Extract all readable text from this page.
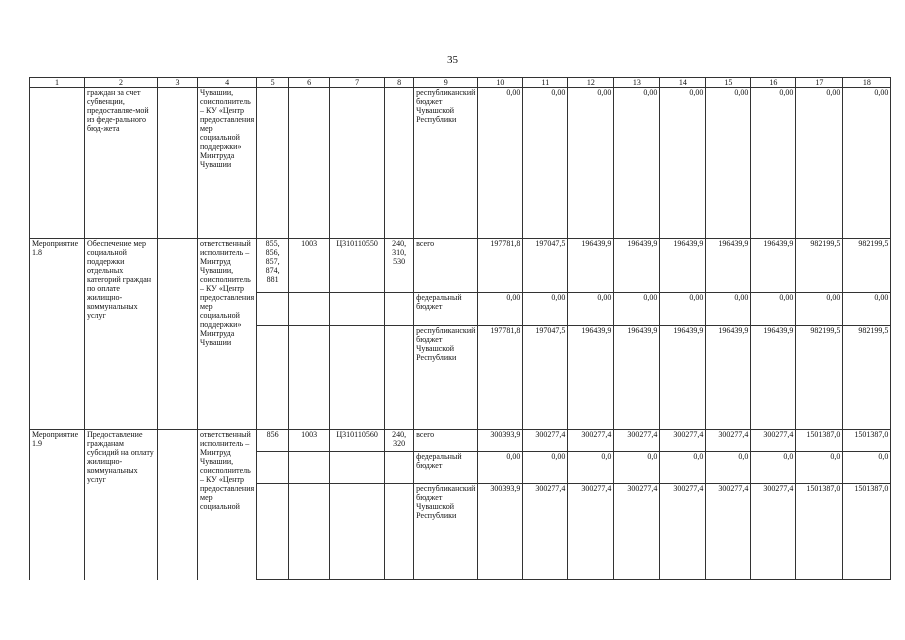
35
1	2	3	4	5	6	7	8	9	10	11	12	13	14	15	16	17	18
	граждан за счет субвенции, предоставляе-мой из феде-рального бюд-жета		Чувашии, соисполнитель – КУ «Центр предоставления мер социальной поддержки» Минтруда Чувашии					республиканский бюджет Чувашской Республики	0,00	0,00	0,00	0,00	0,00	0,00	0,00	0,00	0,00
Мероприятие 1.8	Обеспечение мер социальной поддержки отдельных категорий граждан по оплате жилищно-коммунальных услуг		ответственный исполнитель – Минтруд Чувашии, соисполнитель – КУ «Центр предоставления мер социальной поддержки» Минтруда Чувашии	855, 856, 857, 874, 881	1003	Ц310110550	240, 310, 530	всего	197781,8	197047,5	196439,9	196439,9	196439,9	196439,9	196439,9	982199,5	982199,5
								федеральный бюджет	0,00	0,00	0,00	0,00	0,00	0,00	0,00	0,00	0,00
								республиканский бюджет Чувашской Республики	197781,8	197047,5	196439,9	196439,9	196439,9	196439,9	196439,9	982199,5	982199,5
Мероприятие 1.9	Предоставление гражданам субсидий на оплату жилищно-коммунальных услуг		ответственный исполнитель – Минтруд Чувашии, соисполнитель – КУ «Центр предоставления мер социальной	856	1003	Ц310110560	240, 320	всего	300393,9	300277,4	300277,4	300277,4	300277,4	300277,4	300277,4	1501387,0	1501387,0
								федеральный бюджет	0,00	0,00	0,0	0,0	0,0	0,0	0,0	0,0	0,0
								республиканский бюджет Чувашской Республики	300393,9	300277,4	300277,4	300277,4	300277,4	300277,4	300277,4	1501387,0	1501387,0
